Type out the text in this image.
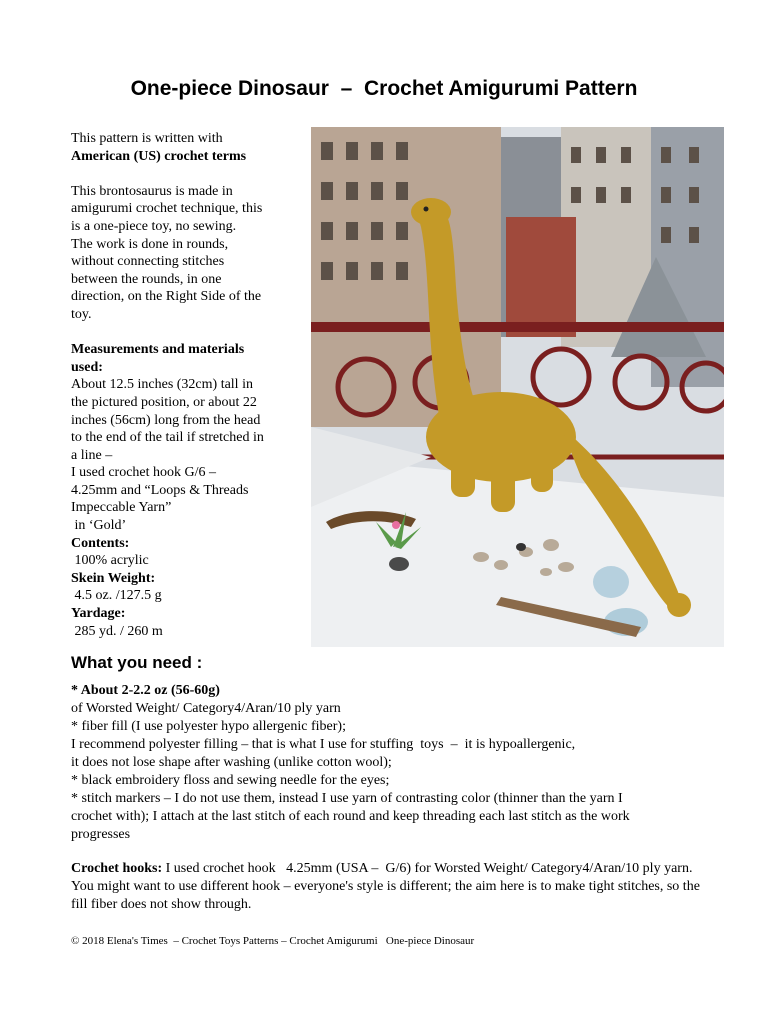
One-piece Dinosaur  –  Crochet Amigurumi Pattern

This pattern is written with
American (US) crochet terms

This brontosaurus is made in
amigurumi crochet technique, this
is a one-piece toy, no sewing.
The work is done in rounds,
without connecting stitches
between the rounds, in one
direction, on the Right Side of the
toy.

Measurements and materials
used:
About 12.5 inches (32cm) tall in
the pictured position, or about 22
inches (56cm) long from the head
to the end of the tail if stretched in
a line –
I used crochet hook G/6 –
4.25mm and “Loops & Threads
Impeccable Yarn”
in ‘Gold’
Contents:
100% acrylic
Skein Weight:
4.5 oz. /127.5 g
Yardage:
285 yd. / 260 m
What you need :
* About 2-2.2 oz (56-60g)
of Worsted Weight/ Category4/Aran/10 ply yarn
* fiber fill (I use polyester hypo allergenic fiber);
I recommend polyester filling – that is what I use for stuffing  toys  –  it is hypoallergenic,
it does not lose shape after washing (unlike cotton wool);
* black embroidery floss and sewing needle for the eyes;
* stitch markers – I do not use them, instead I use yarn of contrasting color (thinner than the yarn I
crochet with); I attach at the last stitch of each round and keep threading each last stitch as the work
progresses

Crochet hooks: I used crochet hook   4.25mm (USA –  G/6) for Worsted Weight/ Category4/Aran/10 ply yarn.  You might want to use different hook – everyone's style is different; the aim here is to make tight stitches, so the fill fiber does not show through.

© 2018 Elena's Times  – Crochet Toys Patterns – Crochet Amigurumi   One-piece Dinosaur
